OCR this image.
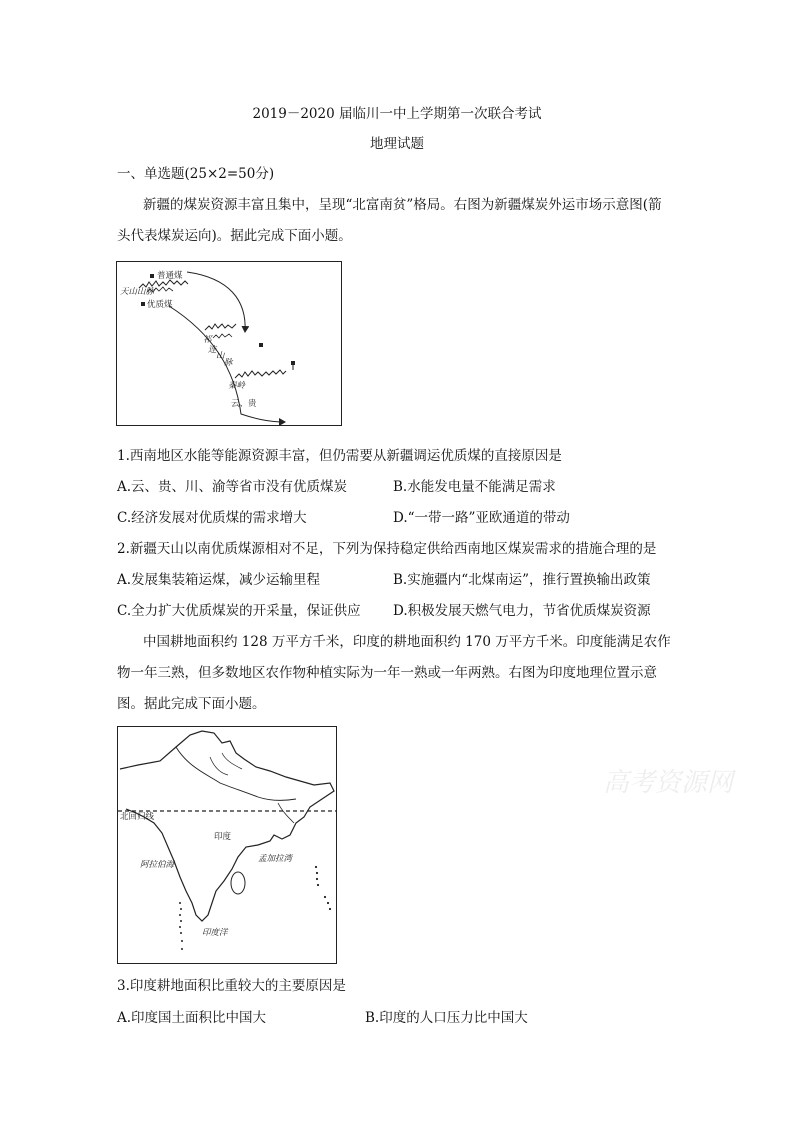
2019－2020 届临川一中上学期第一次联合考试
地理试题
一、单选题(25×2=50分)
新疆的煤炭资源丰富且集中，呈现“北富南贫”格局。右图为新疆煤炭外运市场示意图(箭
头代表煤炭运向)。据此完成下面小题。
普通煤
天山山脉
优质煤
祁
连
山
脉
秦岭
云、贵
1.西南地区水能等能源资源丰富，但仍需要从新疆调运优质煤的直接原因是
A.云、贵、川、渝等省市没有优质煤炭	B.水能发电量不能满足需求
C.经济发展对优质煤的需求增大	D.“一带一路”亚欧通道的带动
2.新疆天山以南优质煤源相对不足，下列为保持稳定供给西南地区煤炭需求的措施合理的是
A.发展集装箱运煤，减少运输里程	B.实施疆内“北煤南运”，推行置换输出政策
C.全力扩大优质煤炭的开采量，保证供应 D.积极发展天燃气电力，节省优质煤炭资源
中国耕地面积约 128 万平方千米，印度的耕地面积约 170 万平方千米。印度能满足农作
物一年三熟，但多数地区农作物种植实际为一年一熟或一年两熟。右图为印度地理位置示意
图。据此完成下面小题。
北回归线
印度
阿拉伯海
孟加拉湾
印度洋
高考资源网
3.印度耕地面积比重较大的主要原因是
A.印度国土面积比中国大	B.印度的人口压力比中国大
